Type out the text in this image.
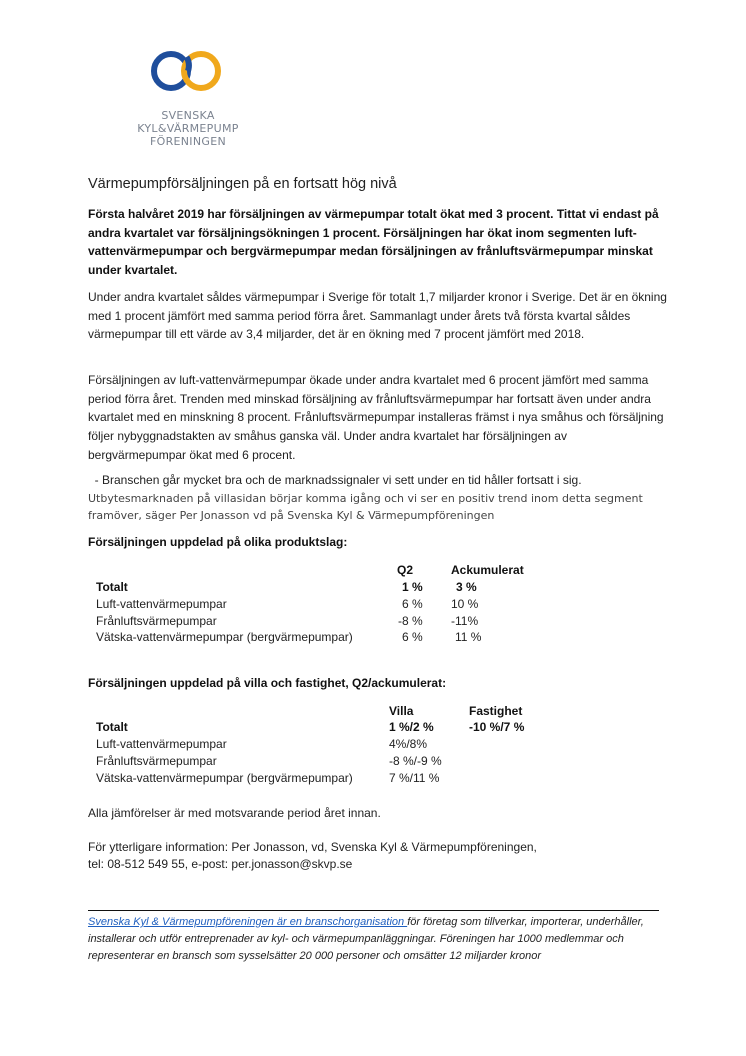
SVENSKA
KYL&VÄRMEPUMP
FÖRENINGEN
Värmepumpförsäljningen på en fortsatt hög nivå
Första halvåret 2019 har försäljningen av värmepumpar totalt ökat med 3 procent. Tittat vi endast på andra kvartalet var försäljningsökningen 1 procent. Försäljningen har ökat inom segmenten luft-vattenvärmepumpar och bergvärmepumpar medan försäljningen av frånluftsvärmepumpar minskat under kvartalet.
Under andra kvartalet såldes värmepumpar i Sverige för totalt 1,7 miljarder kronor i Sverige. Det är en ökning med 1 procent jämfört med samma period förra året. Sammanlagt under årets två första kvartal såldes värmepumpar till ett värde av 3,4 miljarder, det är en ökning med 7 procent jämfört med 2018.
Försäljningen av luft-vattenvärmepumpar ökade under andra kvartalet med 6 procent jämfört med samma period förra året. Trenden med minskad försäljning av frånluftsvärmepumpar har fortsatt även under andra kvartalet med en minskning 8 procent. Frånluftsvärmepumpar installeras främst i nya småhus och försäljning följer nybyggnadstakten av småhus ganska väl. Under andra kvartalet har försäljningen av bergvärmepumpar ökat med 6 procent.
- Branschen går mycket bra och de marknadssignaler vi sett under en tid håller fortsatt i sig.
Utbytesmarknaden på villasidan börjar komma igång och vi ser en positiv trend inom detta segment framöver, säger Per Jonasson vd på Svenska Kyl & Värmepumpföreningen
Försäljningen uppdelad på olika produktslag:
Q2	Ackumulerat
Totalt	1 %	3 %
Luft-vattenvärmepumpar	6 % 10 %
Frånluftsvärmepumpar	-8 % -11%
Vätska-vattenvärmepumpar (bergvärmepumpar)	6 %	11 %
Försäljningen uppdelad på villa och fastighet, Q2/ackumulerat:
Villa	Fastighet
Totalt	1 %/2 %	-10 %/7 %
Luft-vattenvärmepumpar	4%/8%
Frånluftsvärmepumpar	-8 %/-9 %
Vätska-vattenvärmepumpar (bergvärmepumpar)	7 %/11 %
Alla jämförelser är med motsvarande period året innan.
För ytterligare information: Per Jonasson, vd, Svenska Kyl & Värmepumpföreningen,
tel: 08-512 549 55, e-post: per.jonasson@skvp.se
Svenska Kyl & Värmepumpföreningen är en branschorganisation för företag som tillverkar, importerar, underhåller, installerar och utför entreprenader av kyl- och värmepumpanläggningar. Föreningen har 1000 medlemmar och representerar en bransch som sysselsätter 20 000 personer och omsätter 12 miljarder kronor
